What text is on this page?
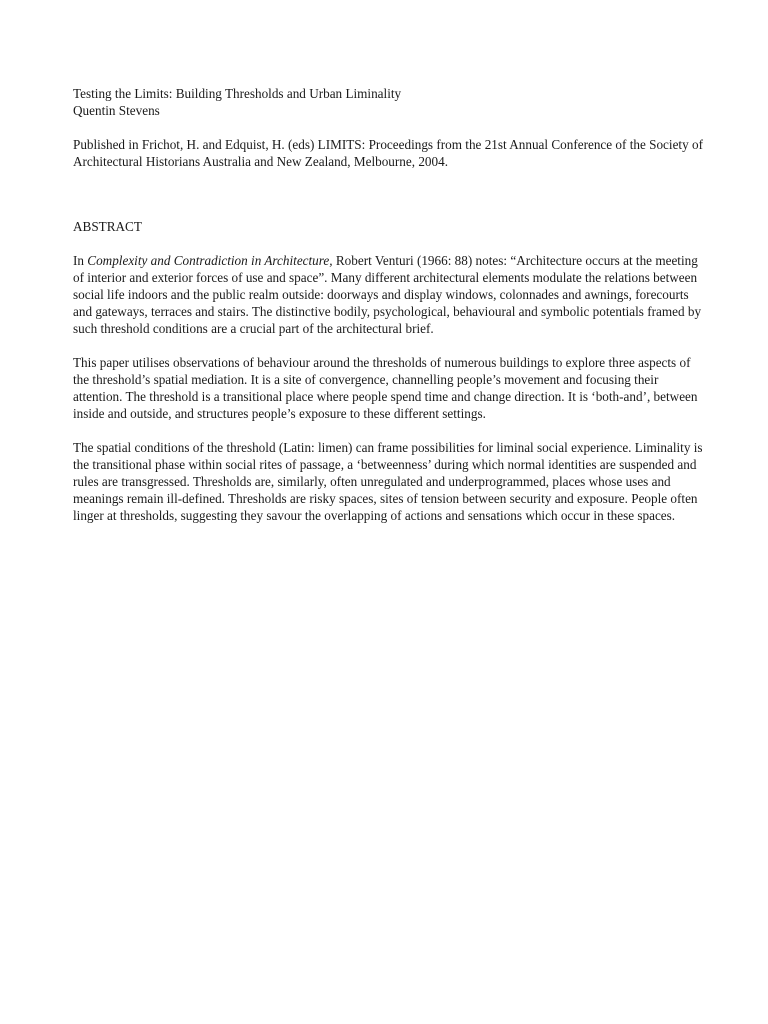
Testing the Limits: Building Thresholds and Urban Liminality
Quentin Stevens

Published in Frichot, H. and Edquist, H. (eds) LIMITS: Proceedings from the 21st Annual Conference of the Society of Architectural Historians Australia and New Zealand, Melbourne, 2004.

ABSTRACT

In Complexity and Contradiction in Architecture, Robert Venturi (1966: 88) notes: “Architecture occurs at the meeting of interior and exterior forces of use and space”. Many different architectural elements modulate the relations between social life indoors and the public realm outside: doorways and display windows, colonnades and awnings, forecourts and gateways, terraces and stairs. The distinctive bodily, psychological, behavioural and symbolic potentials framed by such threshold conditions are a crucial part of the architectural brief.

This paper utilises observations of behaviour around the thresholds of numerous buildings to explore three aspects of the threshold’s spatial mediation. It is a site of convergence, channelling people’s movement and focusing their attention. The threshold is a transitional place where people spend time and change direction. It is ‘both-and’, between inside and outside, and structures people’s exposure to these different settings.

The spatial conditions of the threshold (Latin: limen) can frame possibilities for liminal social experience. Liminality is the transitional phase within social rites of passage, a ‘betweenness’ during which normal identities are suspended and rules are transgressed. Thresholds are, similarly, often unregulated and underprogrammed, places whose uses and meanings remain ill-defined. Thresholds are risky spaces, sites of tension between security and exposure. People often linger at thresholds, suggesting they savour the overlapping of actions and sensations which occur in these spaces.
